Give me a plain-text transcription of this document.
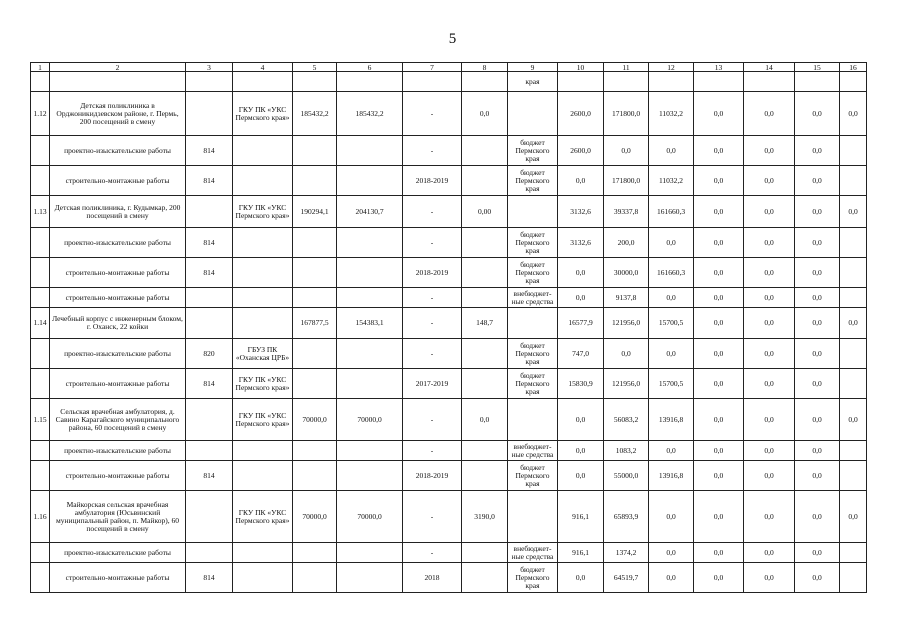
5
1	2	3	4	5	6	7	8	9	10	11	12	13	14	15	16
								края							
1.12	Детская поликлиника в Орджоникидзевском районе, г. Пермь, 200 посещений в смену		ГКУ ПК «УКС Пермского края»	185432,2	185432,2	-	0,0		2600,0	171800,0	11032,2	0,0	0,0	0,0	0,0
	проектно-изыскательские работы	814				-		бюджет Пермского края	2600,0	0,0	0,0	0,0	0,0	0,0	
	строительно-монтажные работы	814				2018-2019		бюджет Пермского края	0,0	171800,0	11032,2	0,0	0,0	0,0	
1.13	Детская поликлиника, г. Кудымкар, 200 посещений в смену		ГКУ ПК «УКС Пермского края»	190294,1	204130,7	-	0,00		3132,6	39337,8	161660,3	0,0	0,0	0,0	0,0
	проектно-изыскательские работы	814				-		бюджет Пермского края	3132,6	200,0	0,0	0,0	0,0	0,0	
	строительно-монтажные работы	814				2018-2019		бюджет Пермского края	0,0	30000,0	161660,3	0,0	0,0	0,0	
	строительно-монтажные работы					-		внебюджет- ные средства	0,0	9137,8	0,0	0,0	0,0	0,0	
1.14	Лечебный корпус с инженерным блоком, г. Оханск, 22 койки			167877,5	154383,1	-	148,7		16577,9	121956,0	15700,5	0,0	0,0	0,0	0,0
	проектно-изыскательские работы	820	ГБУЗ ПК «Оханская ЦРБ»			-		бюджет Пермского края	747,0	0,0	0,0	0,0	0,0	0,0	
	строительно-монтажные работы	814	ГКУ ПК «УКС Пермского края»			2017-2019		бюджет Пермского края	15830,9	121956,0	15700,5	0,0	0,0	0,0	
1.15	Сельская врачебная амбулатория, д. Савино Карагайского муниципального района, 60 посещений в смену		ГКУ ПК «УКС Пермского края»	70000,0	70000,0	-	0,0		0,0	56083,2	13916,8	0,0	0,0	0,0	0,0
	проектно-изыскательские работы					-		внебюджет- ные средства	0,0	1083,2	0,0	0,0	0,0	0,0	
	строительно-монтажные работы	814				2018-2019		бюджет Пермского края	0,0	55000,0	13916,8	0,0	0,0	0,0	
1.16	Майкорская сельская врачебная амбулатория (Юсьвинский муниципальный район, п. Майкор), 60 посещений в смену		ГКУ ПК «УКС Пермского края»	70000,0	70000,0	-	3190,0		916,1	65893,9	0,0	0,0	0,0	0,0	0,0
	проектно-изыскательские работы					-		внебюджет- ные средства	916,1	1374,2	0,0	0,0	0,0	0,0	
	строительно-монтажные работы	814				2018		бюджет Пермского края	0,0	64519,7	0,0	0,0	0,0	0,0	
